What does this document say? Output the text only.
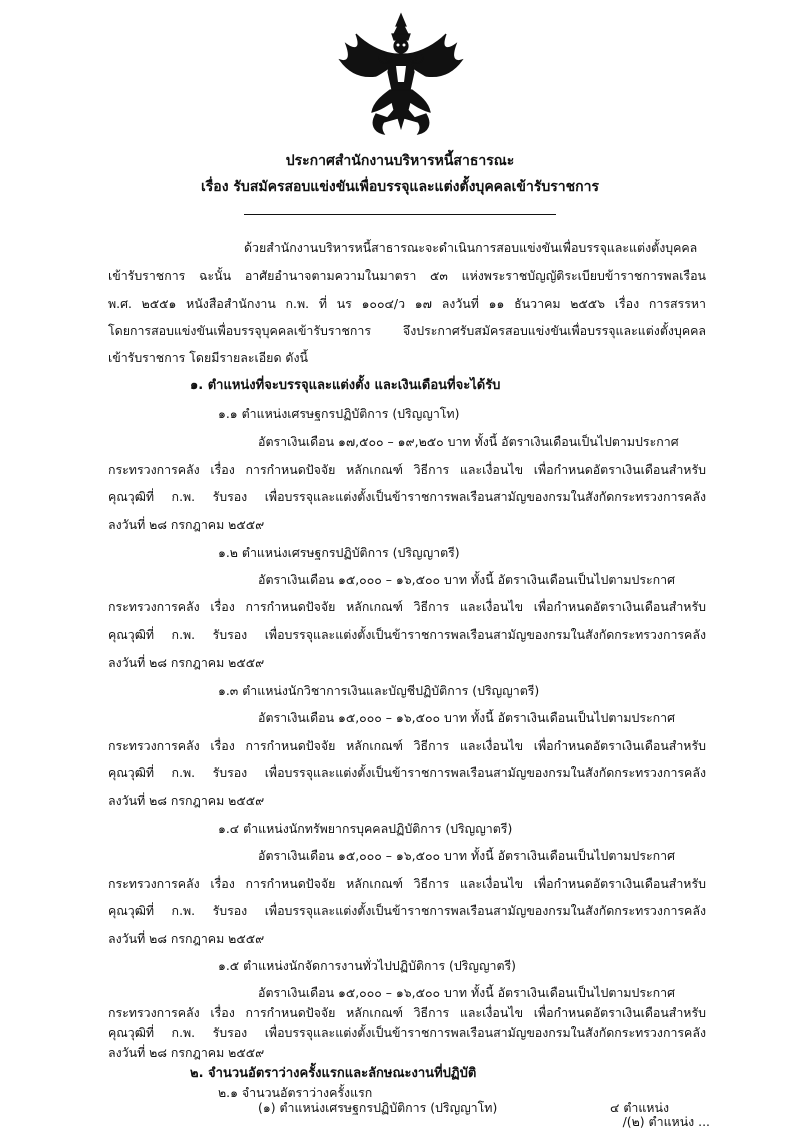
ประกาศสำนักงานบริหารหนี้สาธารณะ
เรื่อง รับสมัครสอบแข่งขันเพื่อบรรจุและแต่งตั้งบุคคลเข้ารับราชการ
ด้วยสำนักงานบริหารหนี้สาธารณะจะดำเนินการสอบแข่งขันเพื่อบรรจุและแต่งตั้งบุคคล
เข้ารับราชการ ฉะนั้น อาศัยอำนาจตามความในมาตรา ๕๓ แห่งพระราชบัญญัติระเบียบข้าราชการพลเรือน
พ.ศ. ๒๕๕๑ หนังสือสำนักงาน ก.พ. ที่ นร ๑๐๐๔/ว ๑๗ ลงวันที่ ๑๑ ธันวาคม ๒๕๕๖ เรื่อง การสรรหา
โดยการสอบแข่งขันเพื่อบรรจุบุคคลเข้ารับราชการ จึงประกาศรับสมัครสอบแข่งขันเพื่อบรรจุและแต่งตั้งบุคคล
เข้ารับราชการ โดยมีรายละเอียด ดังนี้
๑. ตำแหน่งที่จะบรรจุและแต่งตั้ง และเงินเดือนที่จะได้รับ
๑.๑ ตำแหน่งเศรษฐกรปฏิบัติการ (ปริญญาโท)
อัตราเงินเดือน ๑๗,๕๐๐ – ๑๙,๒๕๐ บาท ทั้งนี้ อัตราเงินเดือนเป็นไปตามประกาศ
กระทรวงการคลัง เรื่อง การกำหนดปัจจัย หลักเกณฑ์ วิธีการ และเงื่อนไข เพื่อกำหนดอัตราเงินเดือนสำหรับ
คุณวุฒิที่ ก.พ. รับรอง เพื่อบรรจุและแต่งตั้งเป็นข้าราชการพลเรือนสามัญของกรมในสังกัดกระทรวงการคลัง
ลงวันที่ ๒๘ กรกฎาคม ๒๕๕๙
๑.๒ ตำแหน่งเศรษฐกรปฏิบัติการ (ปริญญาตรี)
อัตราเงินเดือน ๑๕,๐๐๐ – ๑๖,๕๐๐ บาท ทั้งนี้ อัตราเงินเดือนเป็นไปตามประกาศ
กระทรวงการคลัง เรื่อง การกำหนดปัจจัย หลักเกณฑ์ วิธีการ และเงื่อนไข เพื่อกำหนดอัตราเงินเดือนสำหรับ
คุณวุฒิที่ ก.พ. รับรอง เพื่อบรรจุและแต่งตั้งเป็นข้าราชการพลเรือนสามัญของกรมในสังกัดกระทรวงการคลัง
ลงวันที่ ๒๘ กรกฎาคม ๒๕๕๙
๑.๓ ตำแหน่งนักวิชาการเงินและบัญชีปฏิบัติการ (ปริญญาตรี)
อัตราเงินเดือน ๑๕,๐๐๐ – ๑๖,๕๐๐ บาท ทั้งนี้ อัตราเงินเดือนเป็นไปตามประกาศ
กระทรวงการคลัง เรื่อง การกำหนดปัจจัย หลักเกณฑ์ วิธีการ และเงื่อนไข เพื่อกำหนดอัตราเงินเดือนสำหรับ
คุณวุฒิที่ ก.พ. รับรอง เพื่อบรรจุและแต่งตั้งเป็นข้าราชการพลเรือนสามัญของกรมในสังกัดกระทรวงการคลัง
ลงวันที่ ๒๘ กรกฎาคม ๒๕๕๙
๑.๔ ตำแหน่งนักทรัพยากรบุคคลปฏิบัติการ (ปริญญาตรี)
อัตราเงินเดือน ๑๕,๐๐๐ – ๑๖,๕๐๐ บาท ทั้งนี้ อัตราเงินเดือนเป็นไปตามประกาศ
กระทรวงการคลัง เรื่อง การกำหนดปัจจัย หลักเกณฑ์ วิธีการ และเงื่อนไข เพื่อกำหนดอัตราเงินเดือนสำหรับ
คุณวุฒิที่ ก.พ. รับรอง เพื่อบรรจุและแต่งตั้งเป็นข้าราชการพลเรือนสามัญของกรมในสังกัดกระทรวงการคลัง
ลงวันที่ ๒๘ กรกฎาคม ๒๕๕๙
๑.๕ ตำแหน่งนักจัดการงานทั่วไปปฏิบัติการ (ปริญญาตรี)
อัตราเงินเดือน ๑๕,๐๐๐ – ๑๖,๕๐๐ บาท ทั้งนี้ อัตราเงินเดือนเป็นไปตามประกาศ
กระทรวงการคลัง เรื่อง การกำหนดปัจจัย หลักเกณฑ์ วิธีการ และเงื่อนไข เพื่อกำหนดอัตราเงินเดือนสำหรับ
คุณวุฒิที่ ก.พ. รับรอง เพื่อบรรจุและแต่งตั้งเป็นข้าราชการพลเรือนสามัญของกรมในสังกัดกระทรวงการคลัง
ลงวันที่ ๒๘ กรกฎาคม ๒๕๕๙
๒. จำนวนอัตราว่างครั้งแรกและลักษณะงานที่ปฏิบัติ
๒.๑ จำนวนอัตราว่างครั้งแรก
(๑) ตำแหน่งเศรษฐกรปฏิบัติการ (ปริญญาโท)	๔ ตำแหน่ง
/(๒) ตำแหน่ง ...
